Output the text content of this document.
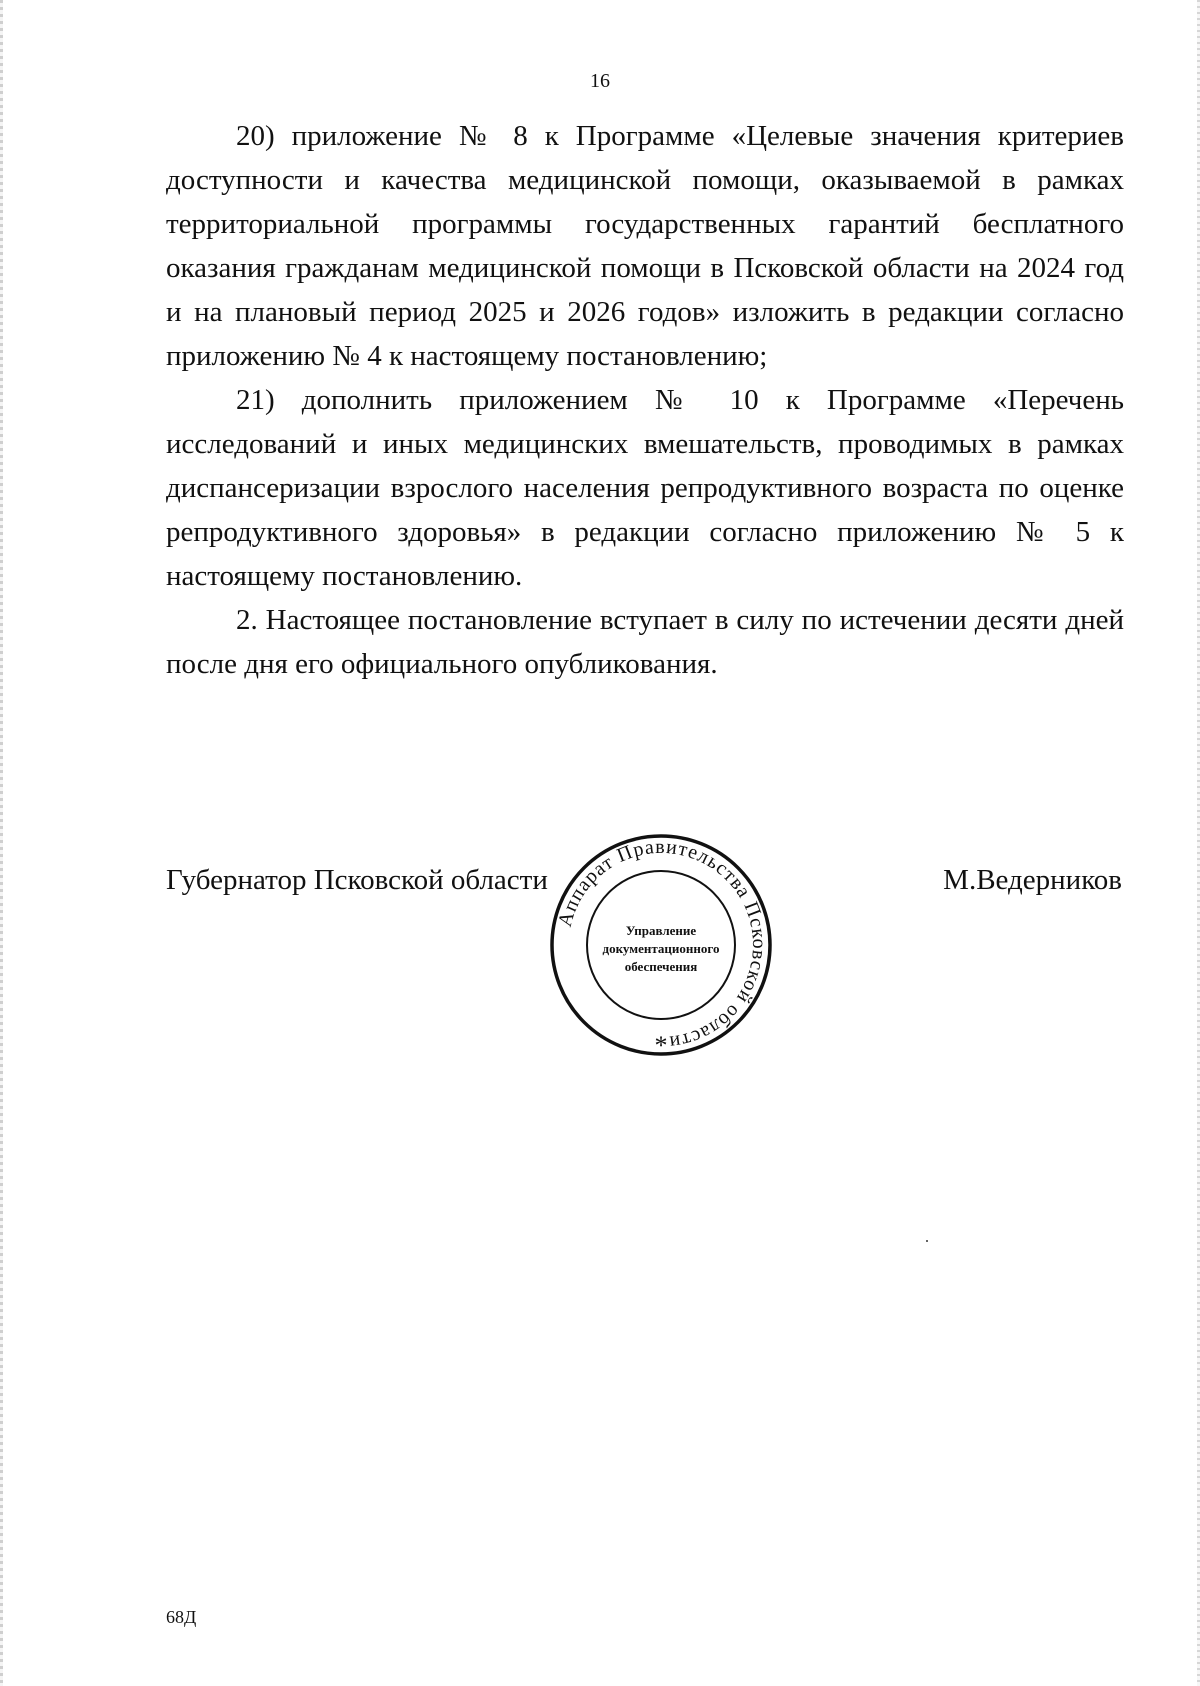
16

20) приложение № 8 к Программе «Целевые значения критериев доступности и качества медицинской помощи, оказываемой в рамках территориальной программы государственных гарантий бесплатного оказания гражданам медицинской помощи в Псковской области на 2024 год и на плановый период 2025 и 2026 годов» изложить в редакции согласно приложению № 4 к настоящему постановлению;

21) дополнить приложением № 10 к Программе «Перечень исследований и иных медицинских вмешательств, проводимых в рамках диспансеризации взрослого населения репродуктивного возраста по оценке репродуктивного здоровья» в редакции согласно приложению № 5 к настоящему постановлению.

2. Настоящее постановление вступает в силу по истечении десяти дней после дня его официального опубликования.

Губернатор Псковской области	М.Ведерников
Аппарат Правительства Псковской области
Управление
документационного
обеспечения
*
68Д
